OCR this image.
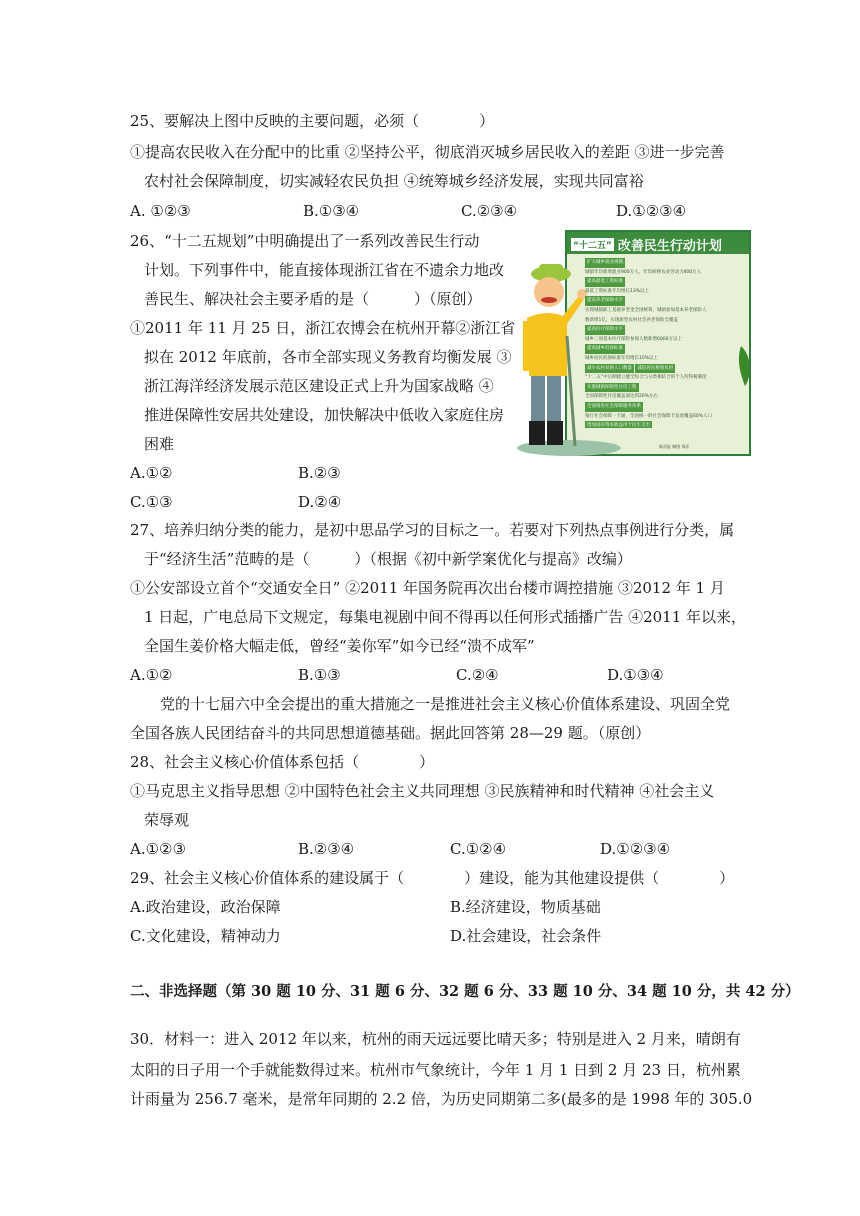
25、要解决上图中反映的主要问题，必须（　　　　）
①提高农民收入在分配中的比重 ②坚持公平，彻底消灭城乡居民收入的差距 ③进一步完善
农村社会保障制度，切实减轻农民负担 ④统筹城乡经济发展，实现共同富裕
A. ①②③	B.①③④	C.②③④	D.①②③④
26、“十二五规划”中明确提出了一系列改善民生行动
计划。下列事件中，能直接体现浙江省在不遗余力地改
善民生、解决社会主要矛盾的是（　　　）（原创）
①2011 年 11 月 25 日，浙江农博会在杭州开幕②浙江省
拟在 2012 年底前，各市全部实现义务教育均衡发展 ③
浙江海洋经济发展示范区建设正式上升为国家战略 ④
推进保障性安居共处建设，加快解决中低收入家庭住房
困难
A.①②	B.②③
C.①③	D.②④
“十二五” 改善民生行动计划
扩大城乡就业规模
城镇年均新增就业900万人，年均转移农业劳动力800万人
提高最低工资标准
最低工资标准年均增长13%以上
提高养老保障水平
实现城镇职工基础养老金全国统筹，城镇参加基本养老保险人
数新增1亿，实现新型农村社会养老保险全覆盖
提高医疗保障水平
城乡三项基本医疗保险参保人数新增6000万以上
提高城乡低保标准
城乡居民低保标准年均增长10%以上
减少农村贫困人口数量 减轻居民税收负担
“十二五”中后期建立健全综合与分类相结合的个人所得税制度
实施城镇保障性住房工程
全国保障性住房覆盖面达到20%左右
全面推进社会保障服务体系
推行社会保障一卡通，全国统一的社会保障卡发放覆盖60%人口
增加国有资本收益用于民生支出
新京报 制图 郑乐
27、培养归纳分类的能力，是初中思品学习的目标之一。若要对下列热点事例进行分类，属
于“经济生活”范畴的是（　　　）（根据《初中新学案优化与提高》改编）
①公安部设立首个“交通安全日” ②2011 年国务院再次出台楼市调控措施 ③2012 年 1 月
1 日起，广电总局下文规定，每集电视剧中间不得再以任何形式插播广告 ④2011 年以来，
全国生姜价格大幅走低，曾经“姜你军”如今已经“溃不成军”
A.①②	B.①③	C.②④	D.①③④
党的十七届六中全会提出的重大措施之一是推进社会主义核心价值体系建设、巩固全党
全国各族人民团结奋斗的共同思想道德基础。据此回答第 28—29 题。（原创）
28、社会主义核心价值体系包括（　　　　）
①马克思主义指导思想 ②中国特色社会主义共同理想 ③民族精神和时代精神 ④社会主义
荣辱观
A.①②③	B.②③④	C.①②④	D.①②③④
29、社会主义核心价值体系的建设属于（　　　　）建设，能为其他建设提供（　　　　）
A.政治建设，政治保障	B.经济建设，物质基础
C.文化建设，精神动力	D.社会建设，社会条件
二、非选择题（第 30 题 10 分、31 题 6 分、32 题 6 分、33 题 10 分、34 题 10 分，共 42 分）
30．材料一：进入 2012 年以来，杭州的雨天远远要比晴天多；特别是进入 2 月来，晴朗有
太阳的日子用一个手就能数得过来。杭州市气象统计，今年 1 月 1 日到 2 月 23 日，杭州累
计雨量为 256.7 毫米，是常年同期的 2.2 倍，为历史同期第二多(最多的是 1998 年的 305.0
